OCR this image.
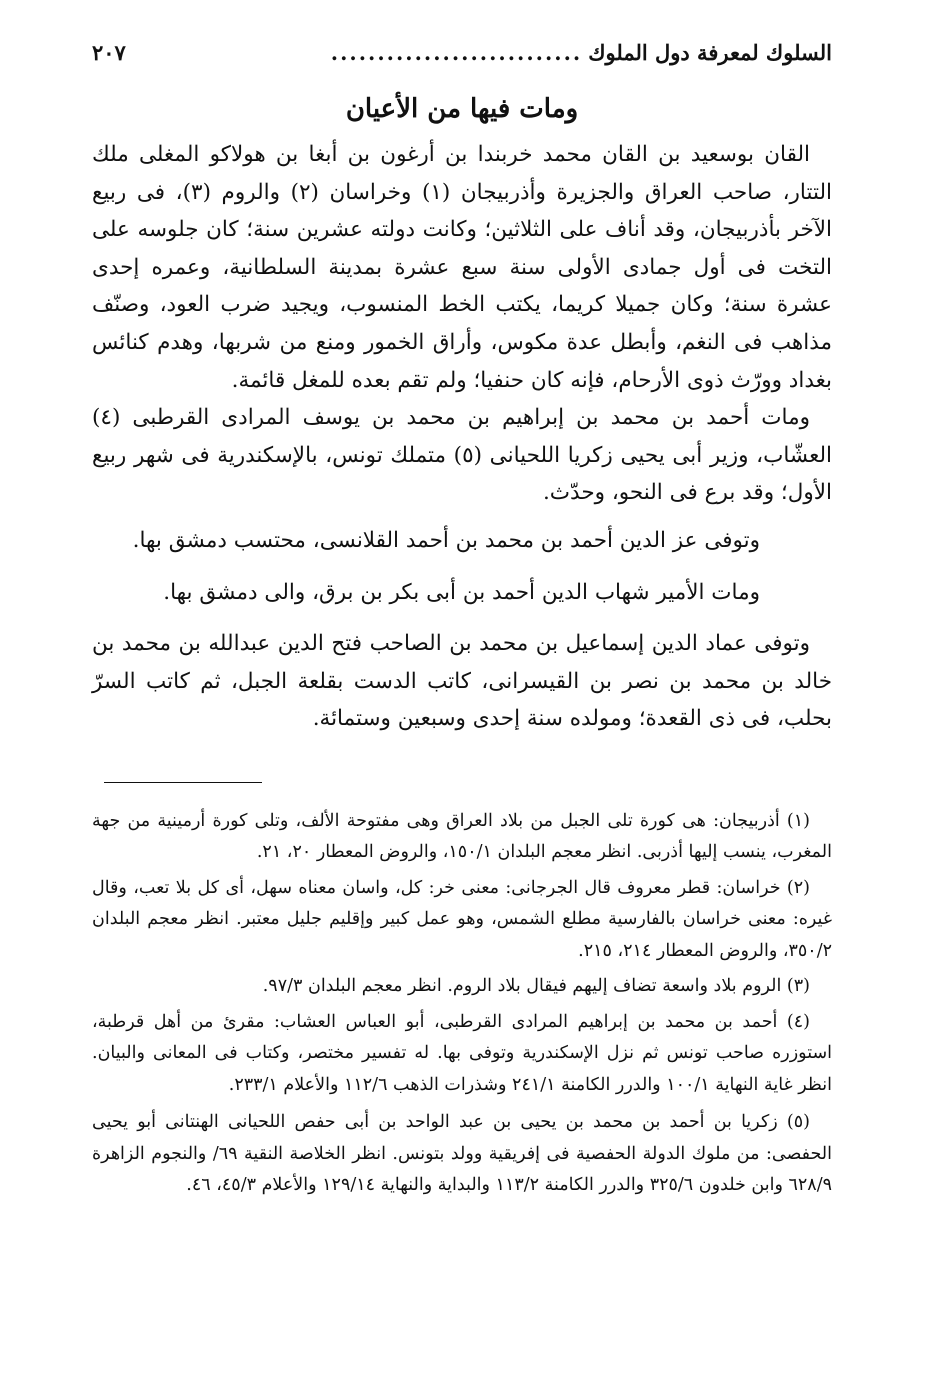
السلوك لمعرفة دول الملوك
...........................
٢٠٧
ومات فيها من الأعيان

القان بوسعيد بن القان محمد خربندا بن أرغون بن أبغا بن هولاكو المغلى ملك التتار، صاحب العراق والجزيرة وأذربيجان (١) وخراسان (٢) والروم (٣)، فى ربيع الآخر بأذربيجان، وقد أناف على الثلاثين؛ وكانت دولته عشرين سنة؛ كان جلوسه على التخت فى أول جمادى الأولى سنة سبع عشرة بمدينة السلطانية، وعمره إحدى عشرة سنة؛ وكان جميلا كريما، يكتب الخط المنسوب، ويجيد ضرب العود، وصنّف مذاهب فى النغم، وأبطل عدة مكوس، وأراق الخمور ومنع من شربها، وهدم كنائس بغداد وورّث ذوى الأرحام، فإنه كان حنفيا؛ ولم تقم بعده للمغل قائمة.

ومات أحمد بن محمد بن إبراهيم بن محمد بن يوسف المرادى القرطبى (٤) العشّاب، وزير أبى يحيى زكريا اللحيانى (٥) متملك تونس، بالإسكندرية فى شهر ربيع الأول؛ وقد برع فى النحو، وحدّث.

وتوفى عز الدين أحمد بن محمد بن أحمد القلانسى، محتسب دمشق بها.

ومات الأمير شهاب الدين أحمد بن أبى بكر بن برق، والى دمشق بها.

وتوفى عماد الدين إسماعيل بن محمد بن الصاحب فتح الدين عبدالله بن محمد بن خالد بن محمد بن نصر بن القيسرانى، كاتب الدست بقلعة الجبل، ثم كاتب السرّ بحلب، فى ذى القعدة؛ ومولده سنة إحدى وسبعين وستمائة.

(١) أذربيجان: هى كورة تلى الجبل من بلاد العراق وهى مفتوحة الألف، وتلى كورة أرمينية من جهة المغرب، ينسب إليها أذربى. انظر معجم البلدان ١٥٠/١، والروض المعطار ٢٠، ٢١.

(٢) خراسان: قطر معروف قال الجرجانى: معنى خر: كل، واسان معناه سهل، أى كل بلا تعب، وقال غيره: معنى خراسان بالفارسية مطلع الشمس، وهو عمل كبير وإقليم جليل معتبر. انظر معجم البلدان ٣٥٠/٢، والروض المعطار ٢١٤، ٢١٥.

(٣) الروم بلاد واسعة تضاف إليهم فيقال بلاد الروم. انظر معجم البلدان ٩٧/٣.

(٤) أحمد بن محمد بن إبراهيم المرادى القرطبى، أبو العباس العشاب: مقرئ من أهل قرطبة، استوزره صاحب تونس ثم نزل الإسكندرية وتوفى بها. له تفسير مختصر، وكتاب فى المعانى والبيان. انظر غاية النهاية ١٠٠/١ والدرر الكامنة ٢٤١/١ وشذرات الذهب ١١٢/٦ والأعلام ٢٣٣/١.

(٥) زكريا بن أحمد بن محمد بن يحيى بن عبد الواحد بن أبى حفص اللحيانى الهنتانى أبو يحيى الحفصى: من ملوك الدولة الحفصية فى إفريقية وولد بتونس. انظر الخلاصة النقية ٦٩/ والنجوم الزاهرة ٦٢٨/٩ وابن خلدون ٣٢٥/٦ والدرر الكامنة ١١٣/٢ والبداية والنهاية ١٢٩/١٤ والأعلام ٤٥/٣، ٤٦.
